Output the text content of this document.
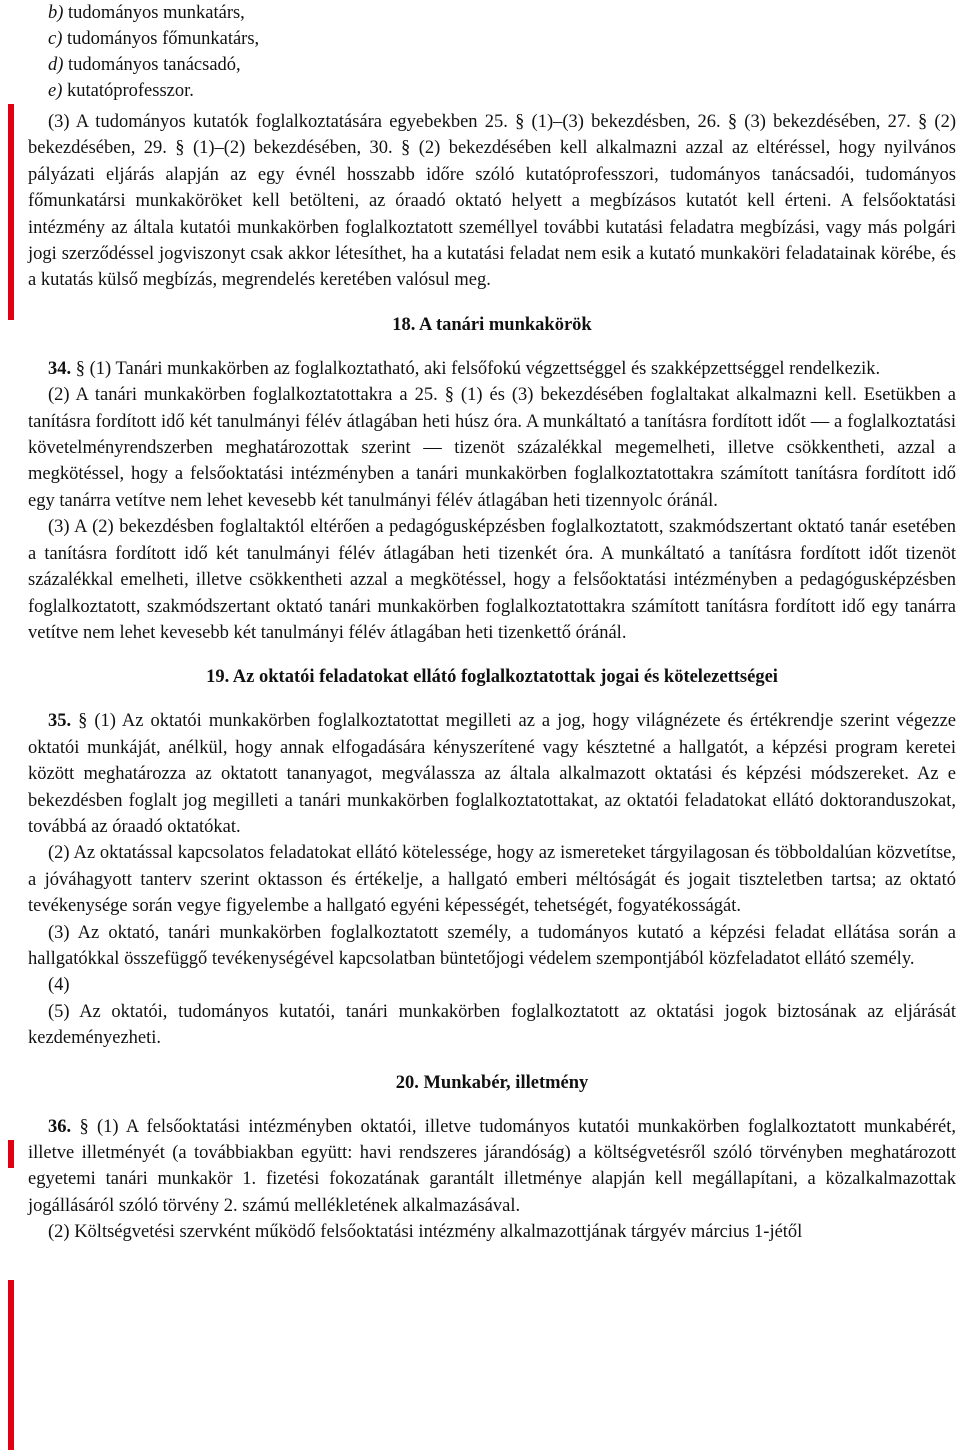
b) tudományos munkatárs,
c) tudományos főmunkatárs,
d) tudományos tanácsadó,
e) kutatóprofesszor.

(3) A tudományos kutatók foglalkoztatására egyebekben 25. § (1)–(3) bekezdésben, 26. § (3) bekezdésében, 27. § (2) bekezdésében, 29. § (1)–(2) bekezdésében, 30. § (2) bekezdésében kell alkalmazni azzal az eltéréssel, hogy nyilvános pályázati eljárás alapján az egy évnél hosszabb időre szóló kutatóprofesszori, tudományos tanácsadói, tudományos főmunkatársi munkaköröket kell betölteni, az óraadó oktató helyett a megbízásos kutatót kell érteni. A felsőoktatási intézmény az általa kutatói munkakörben foglalkoztatott személlyel további kutatási feladatra megbízási, vagy más polgári jogi szerződéssel jogviszonyt csak akkor létesíthet, ha a kutatási feladat nem esik a kutató munkaköri feladatainak körébe, és a kutatás külső megbízás, megrendelés keretében valósul meg.

18. A tanári munkakörök

34. § (1) Tanári munkakörben az foglalkoztatható, aki felsőfokú végzettséggel és szakképzettséggel rendelkezik.

(2) A tanári munkakörben foglalkoztatottakra a 25. § (1) és (3) bekezdésében foglaltakat alkalmazni kell. Esetükben a tanításra fordított idő két tanulmányi félév átlagában heti húsz óra. A munkáltató a tanításra fordított időt — a foglalkoztatási követelményrendszerben meghatározottak szerint — tizenöt százalékkal megemelheti, illetve csökkentheti, azzal a megkötéssel, hogy a felsőoktatási intézményben a tanári munkakörben foglalkoztatottakra számított tanításra fordított idő egy tanárra vetítve nem lehet kevesebb két tanulmányi félév átlagában heti tizennyolc óránál.

(3) A (2) bekezdésben foglaltaktól eltérően a pedagógusképzésben foglalkoztatott, szakmódszertant oktató tanár esetében a tanításra fordított idő két tanulmányi félév átlagában heti tizenkét óra. A munkáltató a tanításra fordított időt tizenöt százalékkal emelheti, illetve csökkentheti azzal a megkötéssel, hogy a felsőoktatási intézményben a pedagógusképzésben foglalkoztatott, szakmódszertant oktató tanári munkakörben foglalkoztatottakra számított tanításra fordított idő egy tanárra vetítve nem lehet kevesebb két tanulmányi félév átlagában heti tizenkettő óránál.

19. Az oktatói feladatokat ellátó foglalkoztatottak jogai és kötelezettségei

35. § (1) Az oktatói munkakörben foglalkoztatottat megilleti az a jog, hogy világnézete és értékrendje szerint végezze oktatói munkáját, anélkül, hogy annak elfogadására kényszerítené vagy késztetné a hallgatót, a képzési program keretei között meghatározza az oktatott tananyagot, megválassza az általa alkalmazott oktatási és képzési módszereket. Az e bekezdésben foglalt jog megilleti a tanári munkakörben foglalkoztatottakat, az oktatói feladatokat ellátó doktoranduszokat, továbbá az óraadó oktatókat.

(2) Az oktatással kapcsolatos feladatokat ellátó kötelessége, hogy az ismereteket tárgyilagosan és többoldalúan közvetítse, a jóváhagyott tanterv szerint oktasson és értékelje, a hallgató emberi méltóságát és jogait tiszteletben tartsa; az oktató tevékenysége során vegye figyelembe a hallgató egyéni képességét, tehetségét, fogyatékosságát.

(3) Az oktató, tanári munkakörben foglalkoztatott személy, a tudományos kutató a képzési feladat ellátása során a hallgatókkal összefüggő tevékenységével kapcsolatban büntetőjogi védelem szempontjából közfeladatot ellátó személy.

(4)

(5) Az oktatói, tudományos kutatói, tanári munkakörben foglalkoztatott az oktatási jogok biztosának az eljárását kezdeményezheti.

20. Munkabér, illetmény

36. § (1) A felsőoktatási intézményben oktatói, illetve tudományos kutatói munkakörben foglalkoztatott munkabérét, illetve illetményét (a továbbiakban együtt: havi rendszeres járandóság) a költségvetésről szóló törvényben meghatározott egyetemi tanári munkakör 1. fizetési fokozatának garantált illetménye alapján kell megállapítani, a közalkalmazottak jogállásáról szóló törvény 2. számú mellékletének alkalmazásával.

(2) Költségvetési szervként működő felsőoktatási intézmény alkalmazottjának tárgyév március 1-jétől
